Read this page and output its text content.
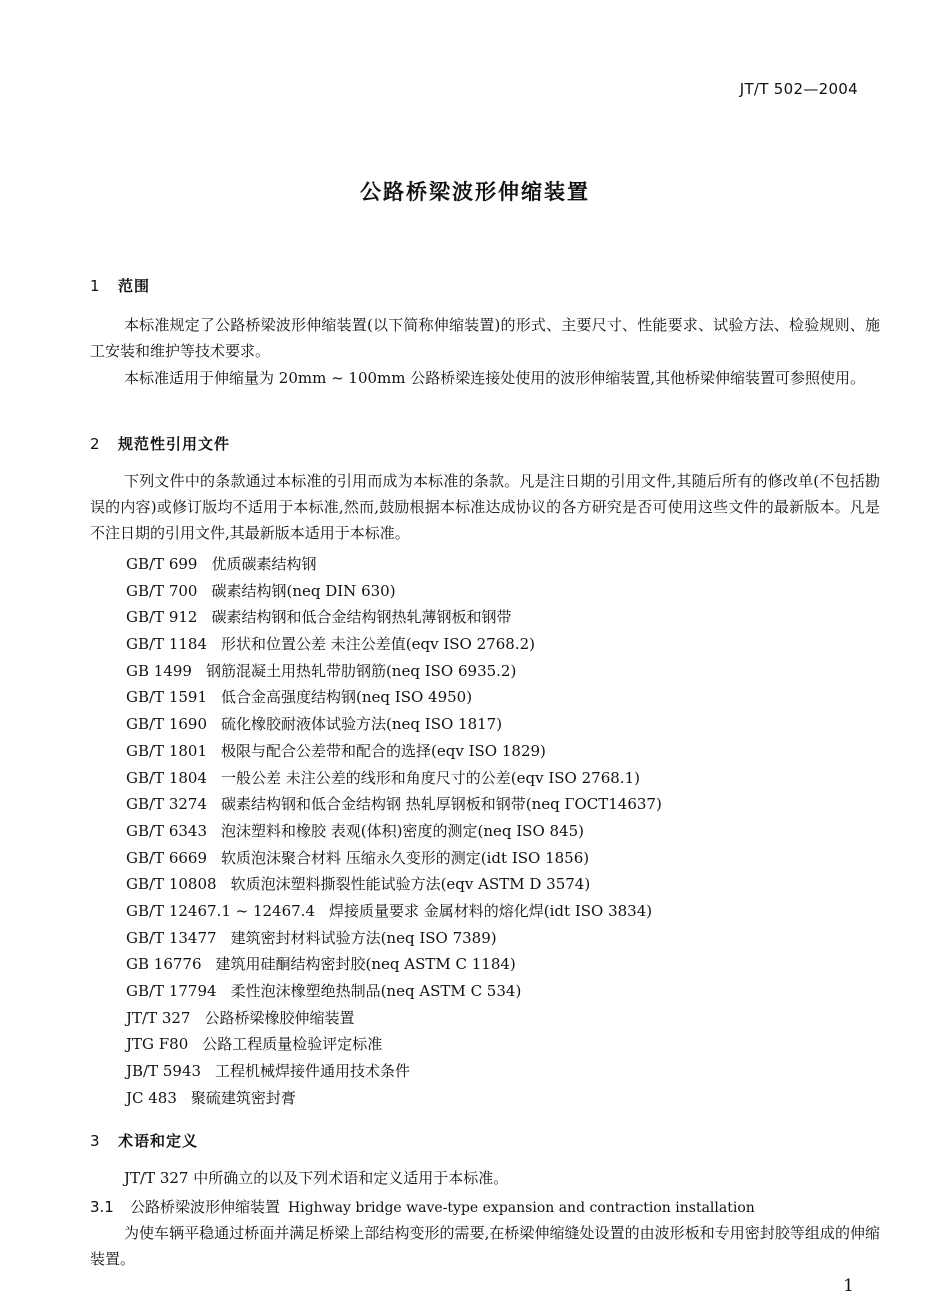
JT/T 502—2004
公路桥梁波形伸缩装置
1 范围
本标准规定了公路桥梁波形伸缩装置(以下简称伸缩装置)的形式、主要尺寸、性能要求、试验方法、检验规则、施工安装和维护等技术要求。
本标准适用于伸缩量为 20mm ~ 100mm 公路桥梁连接处使用的波形伸缩装置,其他桥梁伸缩装置可参照使用。
2 规范性引用文件
下列文件中的条款通过本标准的引用而成为本标准的条款。凡是注日期的引用文件,其随后所有的修改单(不包括勘误的内容)或修订版均不适用于本标准,然而,鼓励根据本标准达成协议的各方研究是否可使用这些文件的最新版本。凡是不注日期的引用文件,其最新版本适用于本标准。
GB/T 699 优质碳素结构钢
GB/T 700 碳素结构钢(neq DIN 630)
GB/T 912 碳素结构钢和低合金结构钢热轧薄钢板和钢带
GB/T 1184 形状和位置公差 未注公差值(eqv ISO 2768.2)
GB 1499 钢筋混凝土用热轧带肋钢筋(neq ISO 6935.2)
GB/T 1591 低合金高强度结构钢(neq ISO 4950)
GB/T 1690 硫化橡胶耐液体试验方法(neq ISO 1817)
GB/T 1801 极限与配合公差带和配合的选择(eqv ISO 1829)
GB/T 1804 一般公差 未注公差的线形和角度尺寸的公差(eqv ISO 2768.1)
GB/T 3274 碳素结构钢和低合金结构钢 热轧厚钢板和钢带(neq ГОСТ14637)
GB/T 6343 泡沫塑料和橡胶 表观(体积)密度的测定(neq ISO 845)
GB/T 6669 软质泡沫聚合材料 压缩永久变形的测定(idt ISO 1856)
GB/T 10808 软质泡沫塑料撕裂性能试验方法(eqv ASTM D 3574)
GB/T 12467.1 ~ 12467.4 焊接质量要求 金属材料的熔化焊(idt ISO 3834)
GB/T 13477 建筑密封材料试验方法(neq ISO 7389)
GB 16776 建筑用硅酮结构密封胶(neq ASTM C 1184)
GB/T 17794 柔性泡沫橡塑绝热制品(neq ASTM C 534)
JT/T 327 公路桥梁橡胶伸缩装置
JTG F80 公路工程质量检验评定标准
JB/T 5943 工程机械焊接件通用技术条件
JC 483 聚硫建筑密封膏
3 术语和定义
JT/T 327 中所确立的以及下列术语和定义适用于本标准。
3.1 公路桥梁波形伸缩装置 Highway bridge wave-type expansion and contraction installation
为使车辆平稳通过桥面并满足桥梁上部结构变形的需要,在桥梁伸缩缝处设置的由波形板和专用密封胶等组成的伸缩装置。
1
